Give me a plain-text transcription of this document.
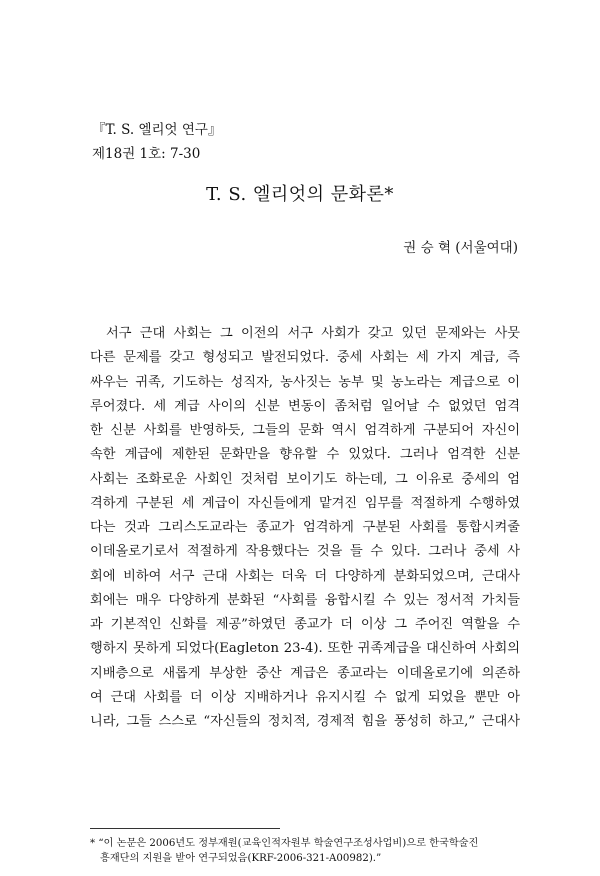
『T. S. 엘리엇 연구』
제18권 1호: 7-30
T. S. 엘리엇의 문화론*
권 승 혁 (서울여대)
서구 근대 사회는 그 이전의 서구 사회가 갖고 있던 문제와는 사뭇
다른 문제를 갖고 형성되고 발전되었다. 중세 사회는 세 가지 계급, 즉
싸우는 귀족, 기도하는 성직자, 농사짓는 농부 및 농노라는 계급으로 이
루어졌다. 세 계급 사이의 신분 변동이 좀처럼 일어날 수 없었던 엄격
한 신분 사회를 반영하듯, 그들의 문화 역시 엄격하게 구분되어 자신이
속한 계급에 제한된 문화만을 향유할 수 있었다. 그러나 엄격한 신분
사회는 조화로운 사회인 것처럼 보이기도 하는데, 그 이유로 중세의 엄
격하게 구분된 세 계급이 자신들에게 맡겨진 임무를 적절하게 수행하였
다는 것과 그리스도교라는 종교가 엄격하게 구분된 사회를 통합시켜줄
이데올로기로서 적절하게 작용했다는 것을 들 수 있다. 그러나 중세 사
회에 비하여 서구 근대 사회는 더욱 더 다양하게 분화되었으며, 근대사
회에는 매우 다양하게 분화된 “사회를 융합시킬 수 있는 정서적 가치들
과 기본적인 신화를 제공”하였던 종교가 더 이상 그 주어진 역할을 수
행하지 못하게 되었다(Eagleton 23-4). 또한 귀족계급을 대신하여 사회의
지배층으로 새롭게 부상한 중산 계급은 종교라는 이데올로기에 의존하
여 근대 사회를 더 이상 지배하거나 유지시킬 수 없게 되었을 뿐만 아
니라, 그들 스스로 “자신들의 정치적, 경제적 힘을 풍성히 하고,” 근대사
* “이 논문은 2006년도 정부재원(교육인적자원부 학술연구조성사업비)으로 한국학술진
흥재단의 지원을 받아 연구되었음(KRF-2006-321-A00982).”
